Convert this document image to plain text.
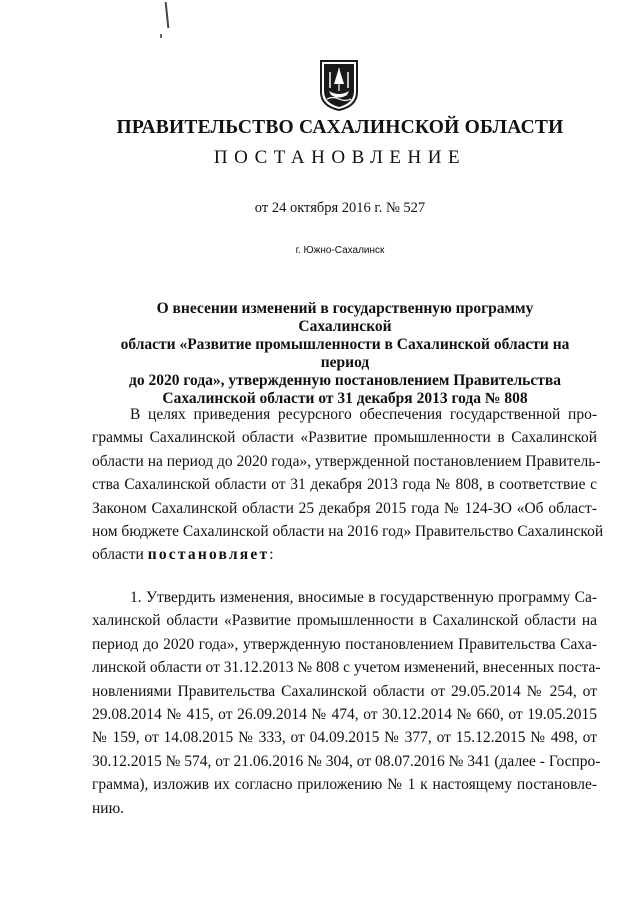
ПРАВИТЕЛЬСТВО САХАЛИНСКОЙ ОБЛАСТИ
ПОСТАНОВЛЕНИЕ
от 24 октября 2016 г. № 527
г. Южно-Сахалинск
О внесении изменений в государственную программу Сахалинской
области «Развитие промышленности в Сахалинской области на период
до 2020 года», утвержденную постановлением Правительства
Сахалинской области от 31 декабря 2013 года № 808
В целях приведения ресурсного обеспечения государственной про-
граммы Сахалинской области «Развитие промышленности в Сахалинской
области на период до 2020 года», утвержденной постановлением Правитель-
ства Сахалинской области от 31 декабря 2013 года № 808, в соответствие с
Законом Сахалинской области 25 декабря 2015 года № 124-ЗО «Об област-
ном бюджете Сахалинской области на 2016 год» Правительство Сахалинской
области постановляет:
1. Утвердить изменения, вносимые в государственную программу Са-
халинской области «Развитие промышленности в Сахалинской области на
период до 2020 года», утвержденную постановлением Правительства Саха-
линской области от 31.12.2013 № 808 с учетом изменений, внесенных поста-
новлениями Правительства Сахалинской области от 29.05.2014 № 254, от
29.08.2014 № 415, от 26.09.2014 № 474, от 30.12.2014 № 660, от 19.05.2015
№ 159, от 14.08.2015 № 333, от 04.09.2015 № 377, от 15.12.2015 № 498, от
30.12.2015 № 574, от 21.06.2016 № 304, от 08.07.2016 № 341 (далее - Госпро-
грамма), изложив их согласно приложению № 1 к настоящему постановле-
нию.
